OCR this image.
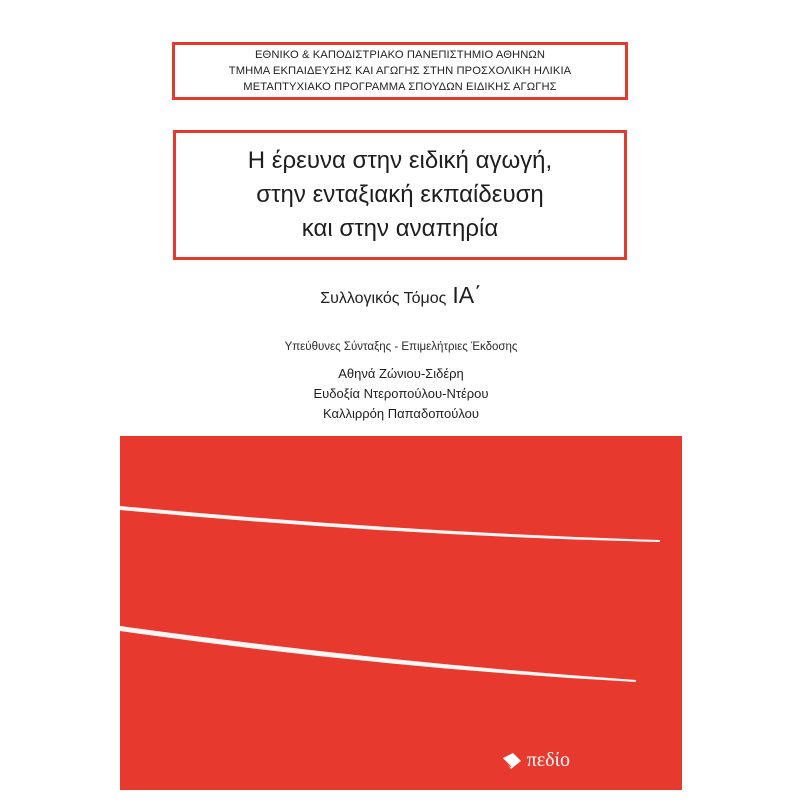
ΕΘΝΙΚΟ & ΚΑΠΟΔΙΣΤΡΙΑΚΟ ΠΑΝΕΠΙΣΤΗΜΙΟ ΑΘΗΝΩΝ
ΤΜΗΜΑ ΕΚΠΑΙΔΕΥΣΗΣ ΚΑΙ ΑΓΩΓΗΣ ΣΤΗΝ ΠΡΟΣΧΟΛΙΚΗ ΗΛΙΚΙΑ
ΜΕΤΑΠΤΥΧΙΑΚΟ ΠΡΟΓΡΑΜΜΑ ΣΠΟΥΔΩΝ ΕΙΔΙΚΗΣ ΑΓΩΓΗΣ
Η έρευνα στην ειδική αγωγή,
στην ενταξιακή εκπαίδευση
και στην αναπηρία
Συλλογικός Τόμος ΙΑ΄
Υπεύθυνες Σύνταξης - Επιμελήτριες Έκδοσης
Αθηνά Ζώνιου-Σιδέρη
Ευδοξία Ντεροπούλου-Ντέρου
Καλλιρρόη Παπαδοπούλου
πεδίο
